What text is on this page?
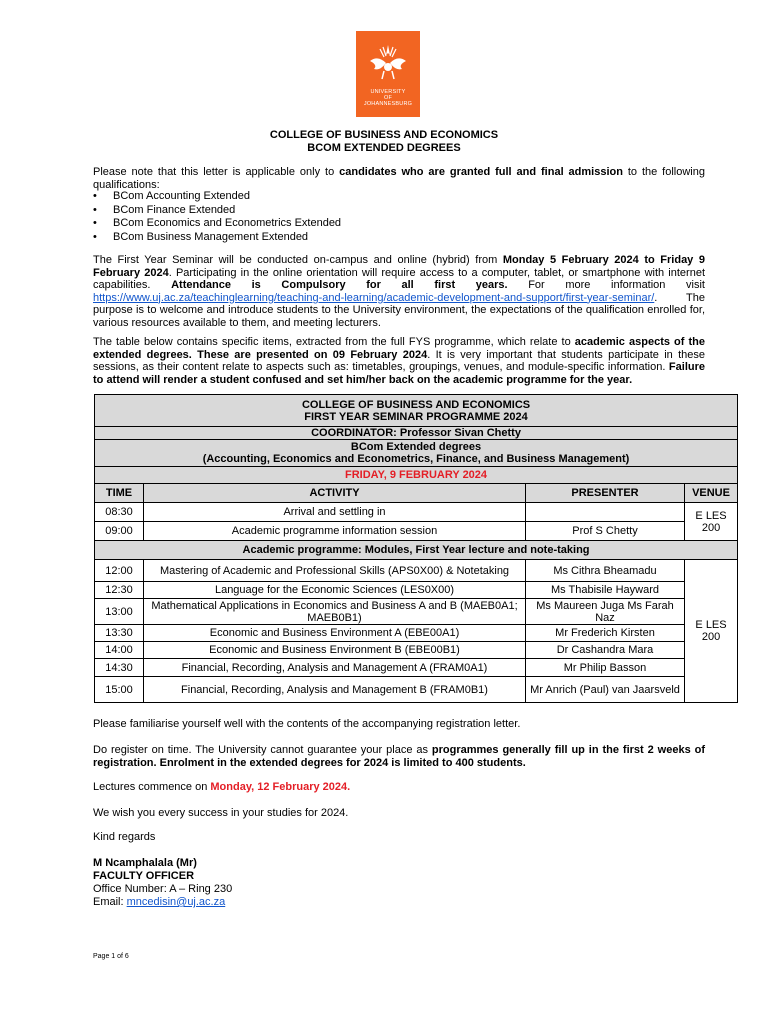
UNIVERSITY
OF
JOHANNESBURG
COLLEGE OF BUSINESS AND ECONOMICS
BCOM EXTENDED DEGREES
Please note that this letter is applicable only to candidates who are granted full and final admission to the following qualifications:
• BCom Accounting Extended
• BCom Finance Extended
• BCom Economics and Econometrics Extended
• BCom Business Management Extended
The First Year Seminar will be conducted on-campus and online (hybrid) from Monday 5 February 2024 to Friday 9 February 2024. Participating in the online orientation will require access to a computer, tablet, or smartphone with internet capabilities. Attendance is Compulsory for all first years. For more information visit https://www.uj.ac.za/teachinglearning/teaching-and-learning/academic-development-and-support/first-year-seminar/. The purpose is to welcome and introduce students to the University environment, the expectations of the qualification enrolled for, various resources available to them, and meeting lecturers.
The table below contains specific items, extracted from the full FYS programme, which relate to academic aspects of the extended degrees. These are presented on 09 February 2024. It is very important that students participate in these sessions, as their content relate to aspects such as: timetables, groupings, venues, and module-specific information. Failure to attend will render a student confused and set him/her back on the academic programme for the year.
COLLEGE OF BUSINESS AND ECONOMICS
FIRST YEAR SEMINAR PROGRAMME 2024			

COORDINATOR: Professor Sivan Chetty			

BCom Extended degrees
(Accounting, Economics and Econometrics, Finance, and Business Management)			

FRIDAY, 9 FEBRUARY 2024			
TIME	ACTIVITY	PRESENTER	VENUE
08:30	Arrival and settling in		E LES 200
09:00	Academic programme information session	Prof S Chetty	
Academic programme: Modules, First Year lecture and note-taking			
12:00	Mastering of Academic and Professional Skills (APS0X00) & Notetaking	Ms Cithra Bheamadu	E LES 200
12:30	Language for the Economic Sciences (LES0X00)	Ms Thabisile Hayward	
13:00	Mathematical Applications in Economics and Business A and B (MAEB0A1; MAEB0B1)	Ms Maureen Juga Ms Farah Naz	
13:30	Economic and Business Environment A (EBE00A1)	Mr Frederich Kirsten	
14:00	Economic and Business Environment B (EBE00B1)	Dr Cashandra Mara	
14:30	Financial, Recording, Analysis and Management A (FRAM0A1)	Mr Philip Basson	
15:00	Financial, Recording, Analysis and Management B (FRAM0B1)	Mr Anrich (Paul) van Jaarsveld	
Please familiarise yourself well with the contents of the accompanying registration letter.
Do register on time. The University cannot guarantee your place as programmes generally fill up in the first 2 weeks of registration. Enrolment in the extended degrees for 2024 is limited to 400 students.
Lectures commence on Monday, 12 February 2024.
We wish you every success in your studies for 2024.
Kind regards
M Ncamphalala (Mr)
FACULTY OFFICER
Office Number: A – Ring 230
Email: mncedisin@uj.ac.za
Page 1 of 6
